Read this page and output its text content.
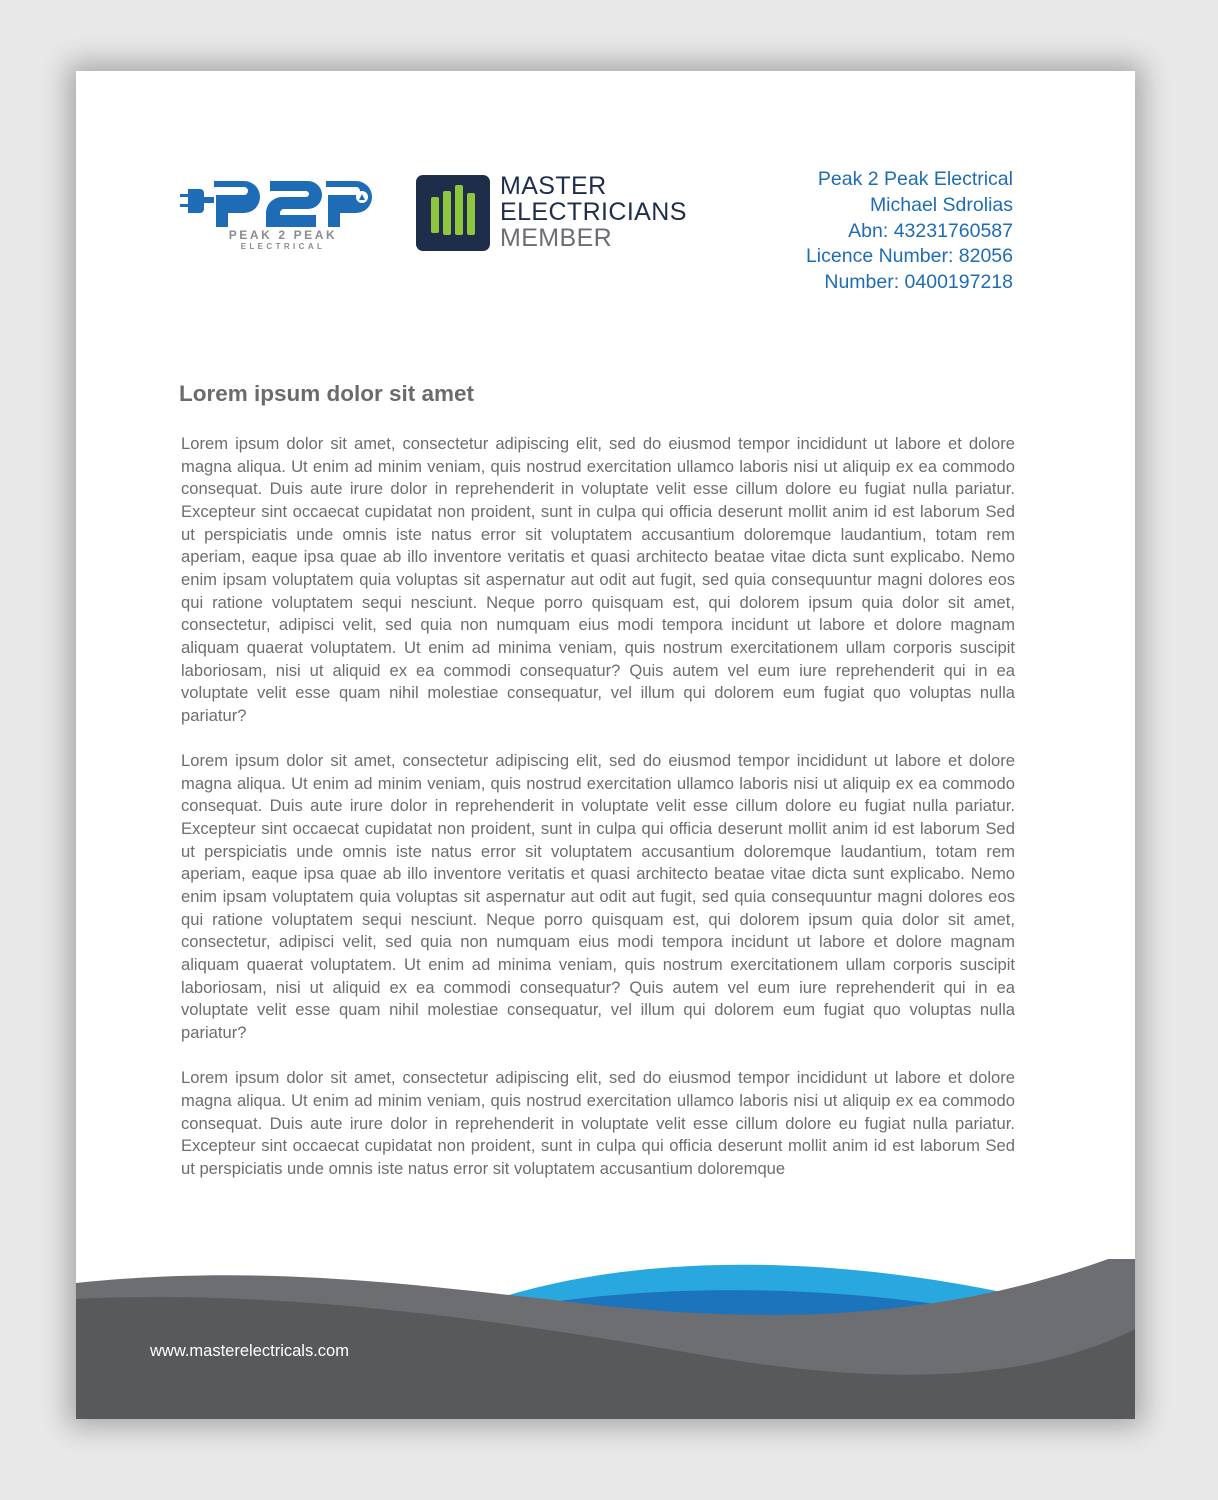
PEAK 2 PEAK
ELECTRICAL
MASTER
ELECTRICIANS
MEMBER
Peak 2 Peak Electrical
Michael Sdrolias
Abn: 43231760587
Licence Number: 82056
Number: 0400197218
Lorem ipsum dolor sit amet

Lorem ipsum dolor sit amet, consectetur adipiscing elit, sed do eiusmod tempor incididunt ut labore et dolore magna aliqua. Ut enim ad minim veniam, quis nostrud exercitation ullamco laboris nisi ut aliquip ex ea commodo consequat. Duis aute irure dolor in reprehenderit in voluptate velit esse cillum dolore eu fugiat nulla pariatur. Excepteur sint occaecat cupidatat non proident, sunt in culpa qui officia deserunt mollit anim id est laborum Sed ut perspiciatis unde omnis iste natus error sit voluptatem accusantium doloremque laudantium, totam rem aperiam, eaque ipsa quae ab illo inventore veritatis et quasi architecto beatae vitae dicta sunt explicabo. Nemo enim ipsam voluptatem quia voluptas sit aspernatur aut odit aut fugit, sed quia consequuntur magni dolores eos qui ratione voluptatem sequi nesciunt. Neque porro quisquam est, qui dolorem ipsum quia dolor sit amet, consectetur, adipisci velit, sed quia non numquam eius modi tempora incidunt ut labore et dolore magnam aliquam quaerat voluptatem. Ut enim ad minima veniam, quis nostrum exercitationem ullam corporis suscipit laboriosam, nisi ut aliquid ex ea commodi consequatur? Quis autem vel eum iure reprehenderit qui in ea voluptate velit esse quam nihil molestiae consequatur, vel illum qui dolorem eum fugiat quo voluptas nulla pariatur?

Lorem ipsum dolor sit amet, consectetur adipiscing elit, sed do eiusmod tempor incididunt ut labore et dolore magna aliqua. Ut enim ad minim veniam, quis nostrud exercitation ullamco laboris nisi ut aliquip ex ea commodo consequat. Duis aute irure dolor in reprehenderit in voluptate velit esse cillum dolore eu fugiat nulla pariatur. Excepteur sint occaecat cupidatat non proident, sunt in culpa qui officia deserunt mollit anim id est laborum Sed ut perspiciatis unde omnis iste natus error sit voluptatem accusantium doloremque laudantium, totam rem aperiam, eaque ipsa quae ab illo inventore veritatis et quasi architecto beatae vitae dicta sunt explicabo. Nemo enim ipsam voluptatem quia voluptas sit aspernatur aut odit aut fugit, sed quia consequuntur magni dolores eos qui ratione voluptatem sequi nesciunt. Neque porro quisquam est, qui dolorem ipsum quia dolor sit amet, consectetur, adipisci velit, sed quia non numquam eius modi tempora incidunt ut labore et dolore magnam aliquam quaerat voluptatem. Ut enim ad minima veniam, quis nostrum exercitationem ullam corporis suscipit laboriosam, nisi ut aliquid ex ea commodi consequatur? Quis autem vel eum iure reprehenderit qui in ea voluptate velit esse quam nihil molestiae consequatur, vel illum qui dolorem eum fugiat quo voluptas nulla pariatur?

Lorem ipsum dolor sit amet, consectetur adipiscing elit, sed do eiusmod tempor incididunt ut labore et dolore magna aliqua. Ut enim ad minim veniam, quis nostrud exercitation ullamco laboris nisi ut aliquip ex ea commodo consequat. Duis aute irure dolor in reprehenderit in voluptate velit esse cillum dolore eu fugiat nulla pariatur. Excepteur sint occaecat cupidatat non proident, sunt in culpa qui officia deserunt mollit anim id est laborum Sed ut perspiciatis unde omnis iste natus error sit voluptatem accusantium doloremque

www.masterelectricals.com
